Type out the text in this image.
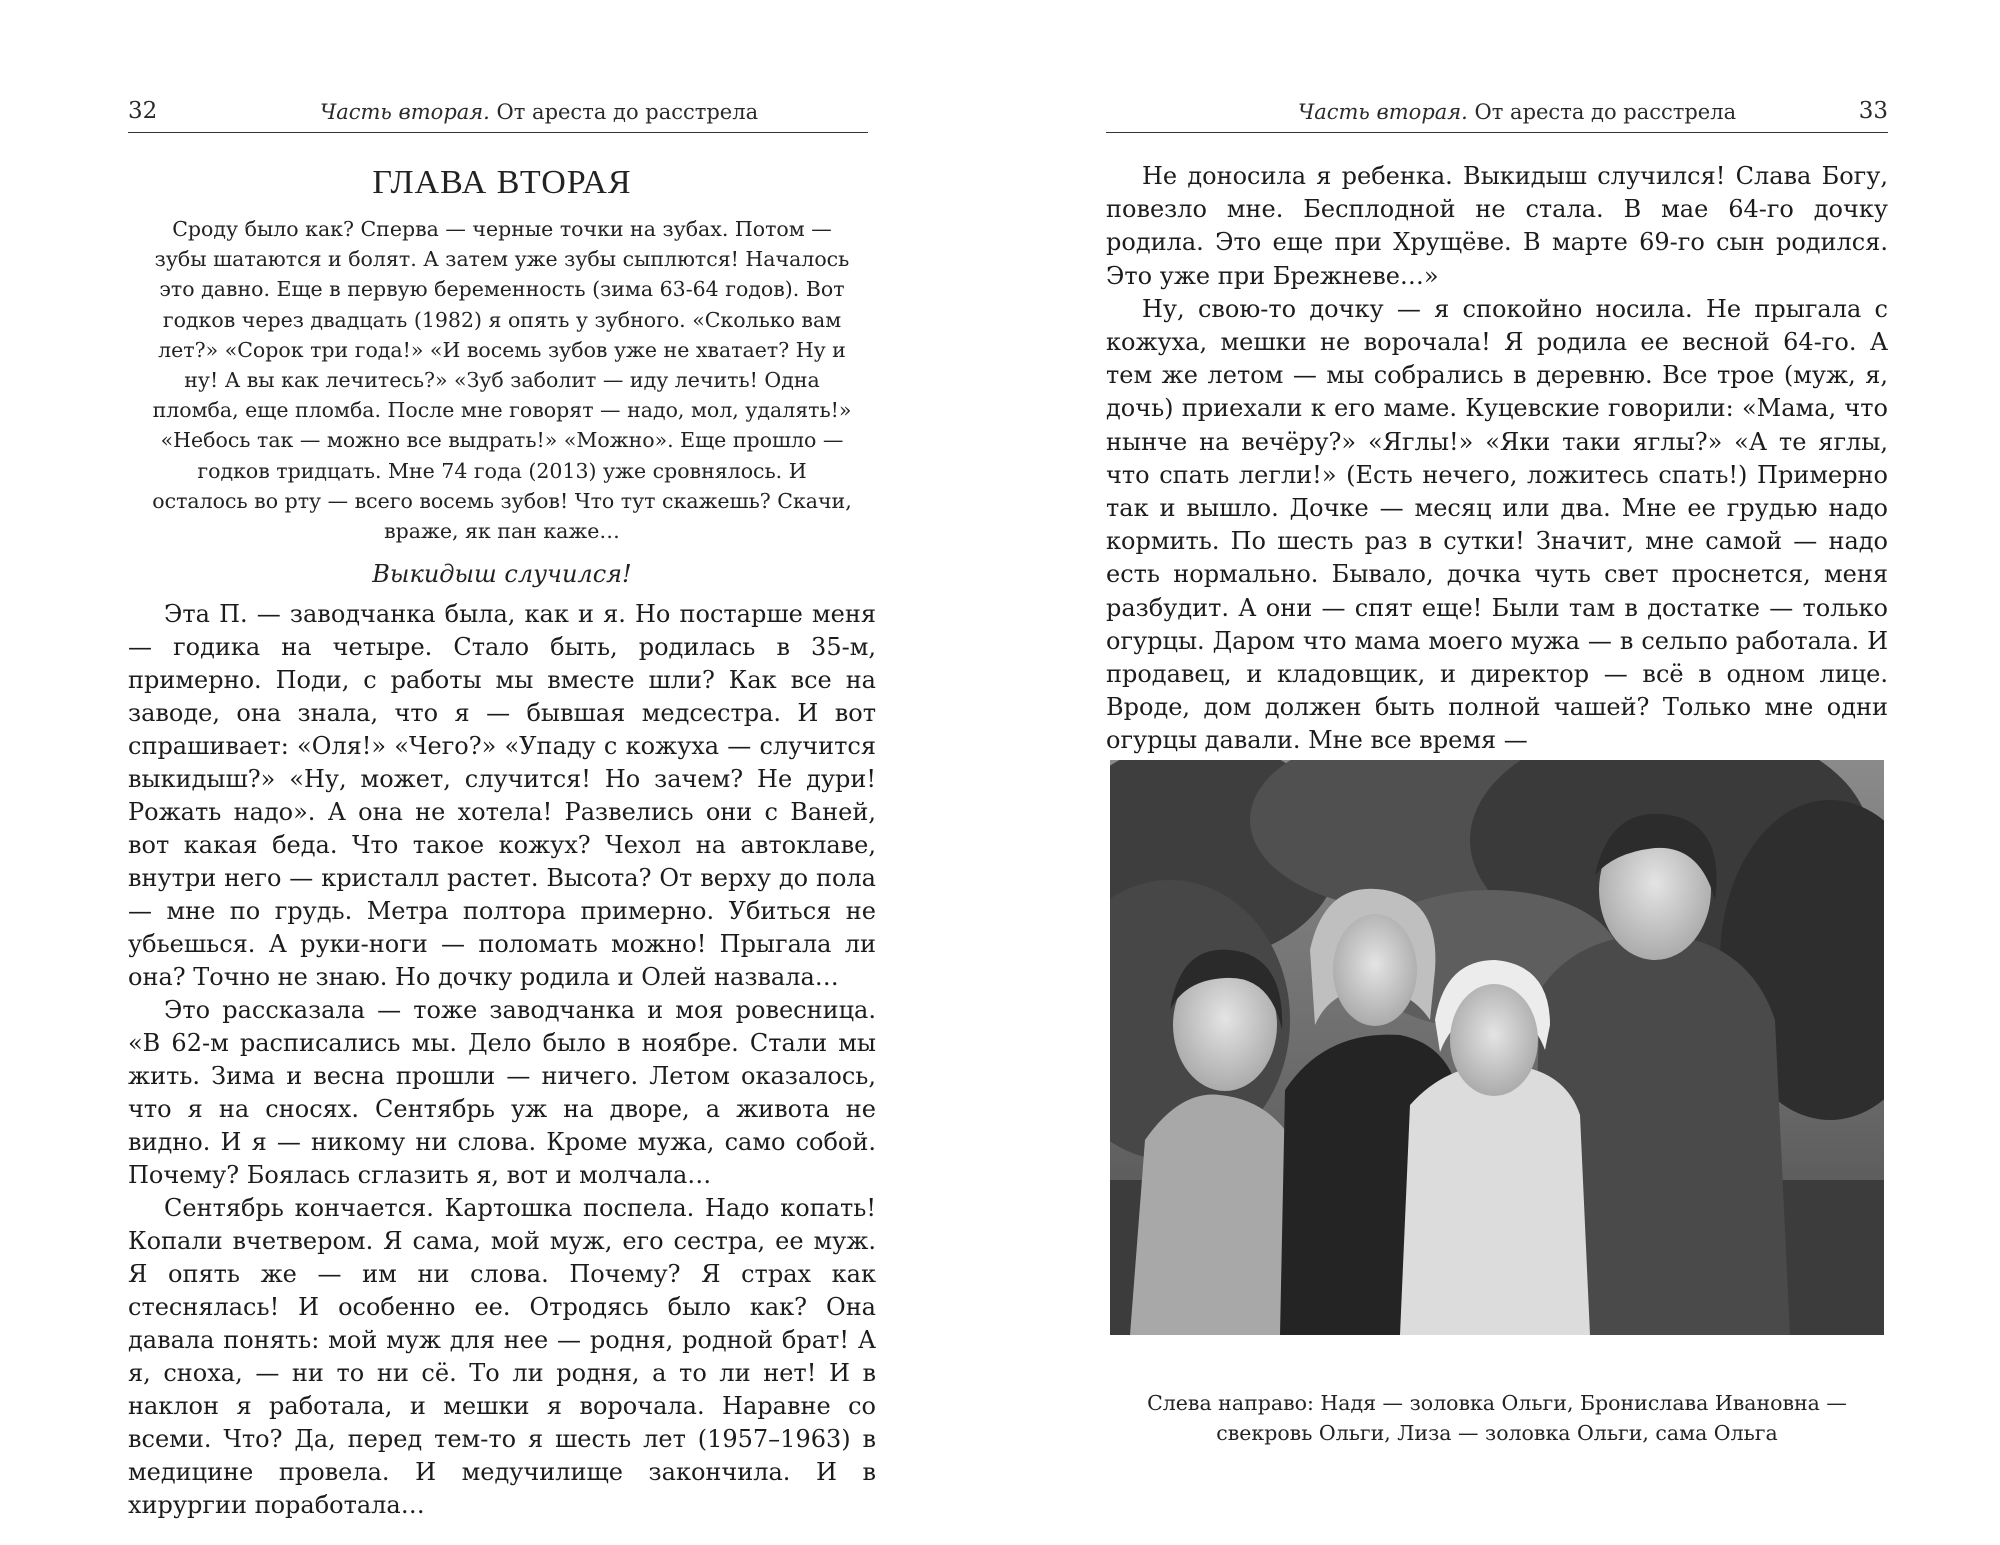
32	Часть вторая. От ареста до расстрела
ГЛАВА ВТОРАЯ
Сроду было как? Сперва — черные точки на зубах. Потом — зубы шатаются и болят. А затем уже зубы сыплются! Началось это давно. Еще в первую беременность (зима 63-64 годов). Вот годков через двадцать (1982) я опять у зубного. «Сколько вам лет?» «Сорок три года!» «И восемь зубов уже не хватает? Ну и ну! А вы как лечитесь?» «Зуб заболит — иду лечить! Одна пломба, еще пломба. После мне говорят — надо, мол, удалять!» «Небось так — можно все выдрать!» «Можно». Еще прошло — годков тридцать. Мне 74 года (2013) уже сровнялось. И осталось во рту — всего восемь зубов! Что тут скажешь? Скачи, враже, як пан каже…
Выкидыш случился!

Эта П. — заводчанка была, как и я. Но постарше меня — годика на четыре. Стало быть, родилась в 35-м, примерно. Поди, с работы мы вместе шли? Как все на заводе, она знала, что я — бывшая медсестра. И вот спрашивает: «Оля!» «Чего?» «Упаду с кожуха — случится выкидыш?» «Ну, может, случится! Но зачем? Не дури! Рожать надо». А она не хотела! Развелись они с Ваней, вот какая беда. Что такое кожух? Чехол на автоклаве, внутри него — кристалл растет. Высота? От верху до пола — мне по грудь. Метра полтора примерно. Убиться не убьешься. А руки-ноги — поломать можно! Прыгала ли она? Точно не знаю. Но дочку родила и Олей назвала…

Это рассказала — тоже заводчанка и моя ровесница. «В 62-м расписались мы. Дело было в ноябре. Стали мы жить. Зима и весна прошли — ничего. Летом оказалось, что я на сносях. Сентябрь уж на дворе, а живота не видно. И я — никому ни слова. Кроме мужа, само собой. Почему? Боялась сглазить я, вот и молчала…

Сентябрь кончается. Картошка поспела. Надо копать! Копали вчетвером. Я сама, мой муж, его сестра, ее муж. Я опять же — им ни слова. Почему? Я страх как стеснялась! И особенно ее. Отродясь было как? Она давала понять: мой муж для нее — родня, родной брат! А я, сноха, — ни то ни сё. То ли родня, а то ли нет! И в наклон я работала, и мешки я ворочала. Наравне со всеми. Что? Да, перед тем-то я шесть лет (1957–1963) в медицине провела. И медучилище закончила. И в хирургии поработала…

Часть вторая. От ареста до расстрела	33

Не доносила я ребенка. Выкидыш случился! Слава Богу, повезло мне. Бесплодной не стала. В мае 64-го дочку родила. Это еще при Хрущёве. В марте 69-го сын родился. Это уже при Брежневе…»

Ну, свою-то дочку — я спокойно носила. Не прыгала с кожуха, мешки не ворочала! Я родила ее весной 64-го. А тем же летом — мы собрались в деревню. Все трое (муж, я, дочь) приехали к его маме. Куцевские говорили: «Мама, что нынче на вечёру?» «Яглы!» «Яки таки яглы?» «А те яглы, что спать легли!» (Есть нечего, ложитесь спать!) Примерно так и вышло. Дочке — месяц или два. Мне ее грудью надо кормить. По шесть раз в сутки! Значит, мне самой — надо есть нормально. Бывало, дочка чуть свет проснется, меня разбудит. А они — спят еще! Были там в достатке — только огурцы. Даром что мама моего мужа — в сельпо работала. И продавец, и кладовщик, и директор — всё в одном лице. Вроде, дом должен быть полной чашей? Только мне одни огурцы давали. Мне все время —

Слева направо: Надя — золовка Ольги, Бронислава Ивановна — свекровь Ольги, Лиза — золовка Ольги, сама Ольга
